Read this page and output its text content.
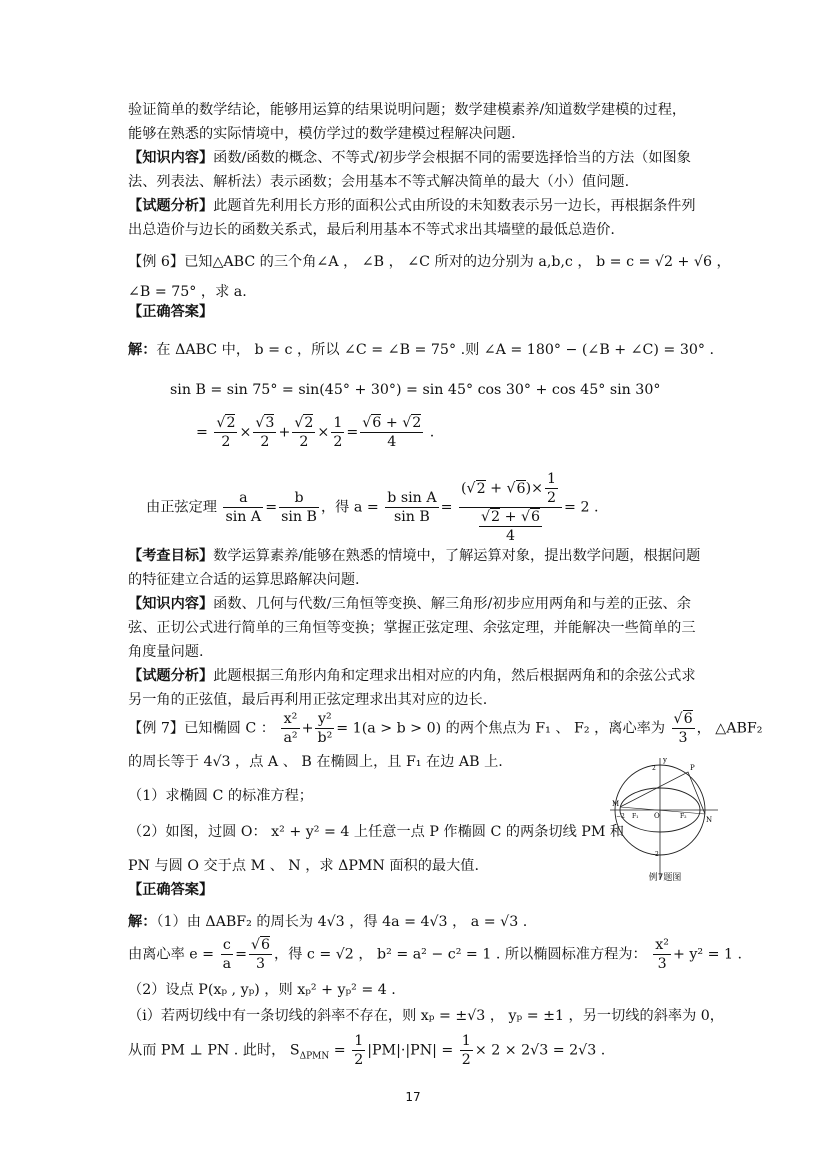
验证简单的数学结论，能够用运算的结果说明问题；数学建模素养/知道数学建模的过程，
能够在熟悉的实际情境中，模仿学过的数学建模过程解决问题.
【知识内容】函数/函数的概念、不等式/初步学会根据不同的需要选择恰当的方法（如图象
法、列表法、解析法）表示函数；会用基本不等式解决简单的最大（小）值问题.
【试题分析】此题首先利用长方形的面积公式由所设的未知数表示另一边长，再根据条件列
出总造价与边长的函数关系式，最后利用基本不等式求出其墙壁的最低总造价.
【例 6】已知△ABC 的三个角∠A ， ∠B ， ∠C 所对的边分别为 a,b,c ， b = c = √2 + √6 ，
∠B = 75° ，求 a.
【正确答案】
解：在 ΔABC 中， b = c ，所以 ∠C = ∠B = 75° .则 ∠A = 180° − (∠B + ∠C) = 30° .
sin B = sin 75° = sin(45° + 30°) = sin 45° cos 30° + cos 45° sin 30°
= $\frac{√2}{2} \times \frac{√3}{2} + \frac{√2}{2} \times \frac{1}{2} = \frac{√6 + √2}{4}$ .
由正弦定理 $\frac{a}{\text{sin A}} = \frac{b}{\text{sin B}}$ ，得 $a = \frac{\text{b sin A}}{\text{sin B}} = \frac{(√2 + √6)\times \frac{1}{2}}{\frac{√2 + √6}{4}} = 2$ .
【考查目标】数学运算素养/能够在熟悉的情境中，了解运算对象，提出数学问题，根据问题
的特征建立合适的运算思路解决问题.
【知识内容】函数、几何与代数/三角恒等变换、解三角形/初步应用两角和与差的正弦、余
弦、正切公式进行简单的三角恒等变换；掌握正弦定理、余弦定理，并能解决一些简单的三
角度量问题.
【试题分析】此题根据三角形内角和定理求出相对应的内角，然后根据两角和的余弦公式求
另一角的正弦值，最后再利用正弦定理求出其对应的边长.
【例 7】已知椭圆 C ： $\frac{\text{x²}}{\text{a²}} + \frac{\text{y²}}{\text{b²}} = 1(a > b > 0)$ 的两个焦点为 F₁ 、 F₂ ，离心率为 $\frac{√6}{3}$ ， △ABF₂
的周长等于 4√3 ，点 A 、 B 在椭圆上，且 F₁ 在边 AB 上.
（1）求椭圆 C 的标准方程；
（2）如图，过圆 O： x² + y² = 4 上任意一点 P 作椭圆 C 的两条切线 PM 和
PN 与圆 O 交于点 M 、 N ，求 ΔPMN 面积的最大值.
【正确答案】
y
P
M
N
O
−2
2
−2
F₁	F₂
例7题图
解：（1）由 ΔABF₂ 的周长为 4√3 ，得 4a = 4√3 ， a = √3 .
由离心率 $e = \frac{c}{a} = \frac{√6}{3}$ ，得 c = √2 ， b² = a² − c² = 1 . 所以椭圆标准方程为： $\frac{\text{x²}}{3} + y^2 = 1$ .
（2）设点 P(xₚ , yₚ) ，则 xₚ² + yₚ² = 4 .
（i）若两切线中有一条切线的斜率不存在，则 xₚ = ±√3 ， yₚ = ±1 ，另一切线的斜率为 0，
从而 PM ⊥ PN . 此时， $S_{\Delta PMN} = \frac{1}{2} |PM|\cdot|PN| = \frac{1}{2} \times 2 \times 2√3 = 2√3$ .
17
